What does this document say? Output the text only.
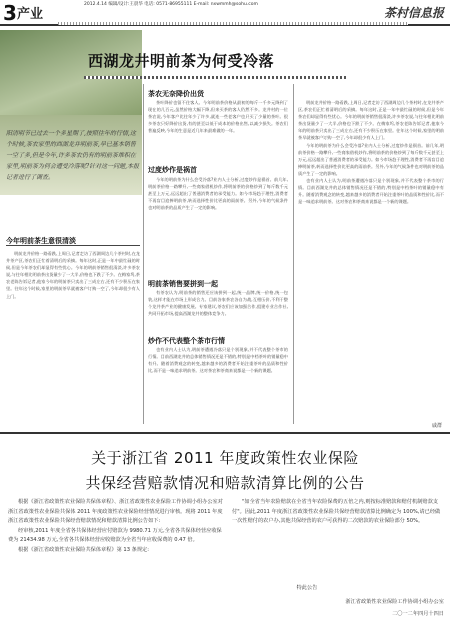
3 产业
2012.4.14 编辑/设计:王晨华 电话: 0571-86955111 E-mail: nxwmmh@sohu.com
茶村信息报
西湖龙井明前茶为何受冷落
阳清明节已过去一个多星期了,按照往年的行情,这个时候,茶农家里的西湖龙井明前茶,早已基本销售一空了多,但是今年,许多茶农仍有的明前茶堆积在家里,明前茶为何会遭受冷落呢?针对这一问题,本报记者进行了调查。
今年明前茶生意很清淡
茶农无奈降价出货
过度炒作是祸首
明前茶销售要拼到一起
炒作不代表整个茶市行情

明前龙井价格一路看跌,上周日,记者走访了西湖周边几个茶村时,在龙井茶产区,茶农们正忙着清明后的采摘。每年这时,正是一年中最忙碌的时候,但是今年茶农们却显得有些忧心。今年的明前茶销售很清淡,许多茶农说,与往年相比明前茶出货量少了一大半,价格也下跌了不少。在梅家坞,茶农老陈告诉记者,他家今年的明前茶只卖出了三成左右,还有不少积压在家里。往年这个时候,家里的明前茶早就被客户订购一空了,今年却很少有人上门。

茶叶降价也留不住客人。今年明前茶价格从最初的每斤一千多元降到了现在的几百元,虽然价格大幅下降,但来买茶的客人仍然不多。龙井村的一位茶农说,今年客户比往年少了许多,就连一些老客户也只买了少量的茶叶。很多茶农只好降价出货,有的甚至以低于成本的价格出售,以减少损失。茶农们普遍反映,今年的生意是近几年来最难做的一年。

今年的明前茶为什么会受冷落?业内人士分析,过度炒作是祸首。前几年,明前茶价格一路攀升,一些商家借机炒作,将明前茶的价格炒到了每斤数千元甚至上万元,远远超出了普通消费者的承受能力。如今市场趋于理性,消费者不再盲目追捧明前茶,转而选择性价比更高的雨前茶。另外,今年的气候条件也对明前茶的品质产生了一定的影响。

有茶农认为,明前茶的销售还应该拼到一起,统一品牌,统一价格,统一包装,这样才能在市场上形成合力。目前各家茶农各自为战,互相压价,不利于整个龙井茶产业的健康发展。专家建议,茶农们应该加强合作,组建专业合作社,共同开拓市场,提高西湖龙井的整体竞争力。

也有业内人士认为,明前茶遭遇冷落只是个别现象,并不代表整个茶市的行情。目前西湖龙井的总体销售情况还是不错的,特别是中档茶叶的销量稳中有升。随着消费观念的转变,越来越多的消费者开始注重茶叶的品质和性价比,而不是一味追求明前茶。这对茶农和茶商来说都是一个新的课题。

明前龙井价格一路看跌,上周日,记者走访了西湖周边几个茶村时,在龙井茶产区,茶农们正忙着清明后的采摘。每年这时,正是一年中最忙碌的时候,但是今年茶农们却显得有些忧心。今年的明前茶销售很清淡,许多茶农说,与往年相比明前茶出货量少了一大半,价格也下跌了不少。在梅家坞,茶农老陈告诉记者,他家今年的明前茶只卖出了三成左右,还有不少积压在家里。往年这个时候,家里的明前茶早就被客户订购一空了,今年却很少有人上门。

今年的明前茶为什么会受冷落?业内人士分析,过度炒作是祸首。前几年,明前茶价格一路攀升,一些商家借机炒作,将明前茶的价格炒到了每斤数千元甚至上万元,远远超出了普通消费者的承受能力。如今市场趋于理性,消费者不再盲目追捧明前茶,转而选择性价比更高的雨前茶。另外,今年的气候条件也对明前茶的品质产生了一定的影响。

也有业内人士认为,明前茶遭遇冷落只是个别现象,并不代表整个茶市的行情。目前西湖龙井的总体销售情况还是不错的,特别是中档茶叶的销量稳中有升。随着消费观念的转变,越来越多的消费者开始注重茶叶的品质和性价比,而不是一味追求明前茶。这对茶农和茶商来说都是一个新的课题。

戚群
关于浙江省 2011 年度政策性农业保险
共保经营赔款情况和赔款清算比例的公告

根据《浙江省政策性农业保险共保体章程》、浙江省政策性农业保险工作协调小组办公室对浙江省政策性农业保险共保体 2011 年度政策性农业保险经营情况进行审核。现将 2011 年度浙江省政策性农业保险共保经营赔款情况和赔款清算比例公告如下:

经审核,2011 年度全省各共保体经营应付赔款为 9980.71 万元,全省各共保体经营应收保费为 21434.98 万元,全省各共保体经营应收赔款为全省当年应收保费的 0.47 倍。

根据《浙江省政策性农业保险共保体章程》第 13 条规定:

"如全省当年农险赔款在全省当年农险保费的五倍之内,则按标准赔款和赔付机制赔款支付"。因此,2011 年度浙江省政策性农业保险共保经营赔款清算比例确定为 100%,请已经做一次性赔付的农户办,其他共保经营的农户可获得的二次赔款的农业保险部分 50%。

特此公告
浙江省政策性农业保险工作协调小组办公室
二〇一二年四月十四日
